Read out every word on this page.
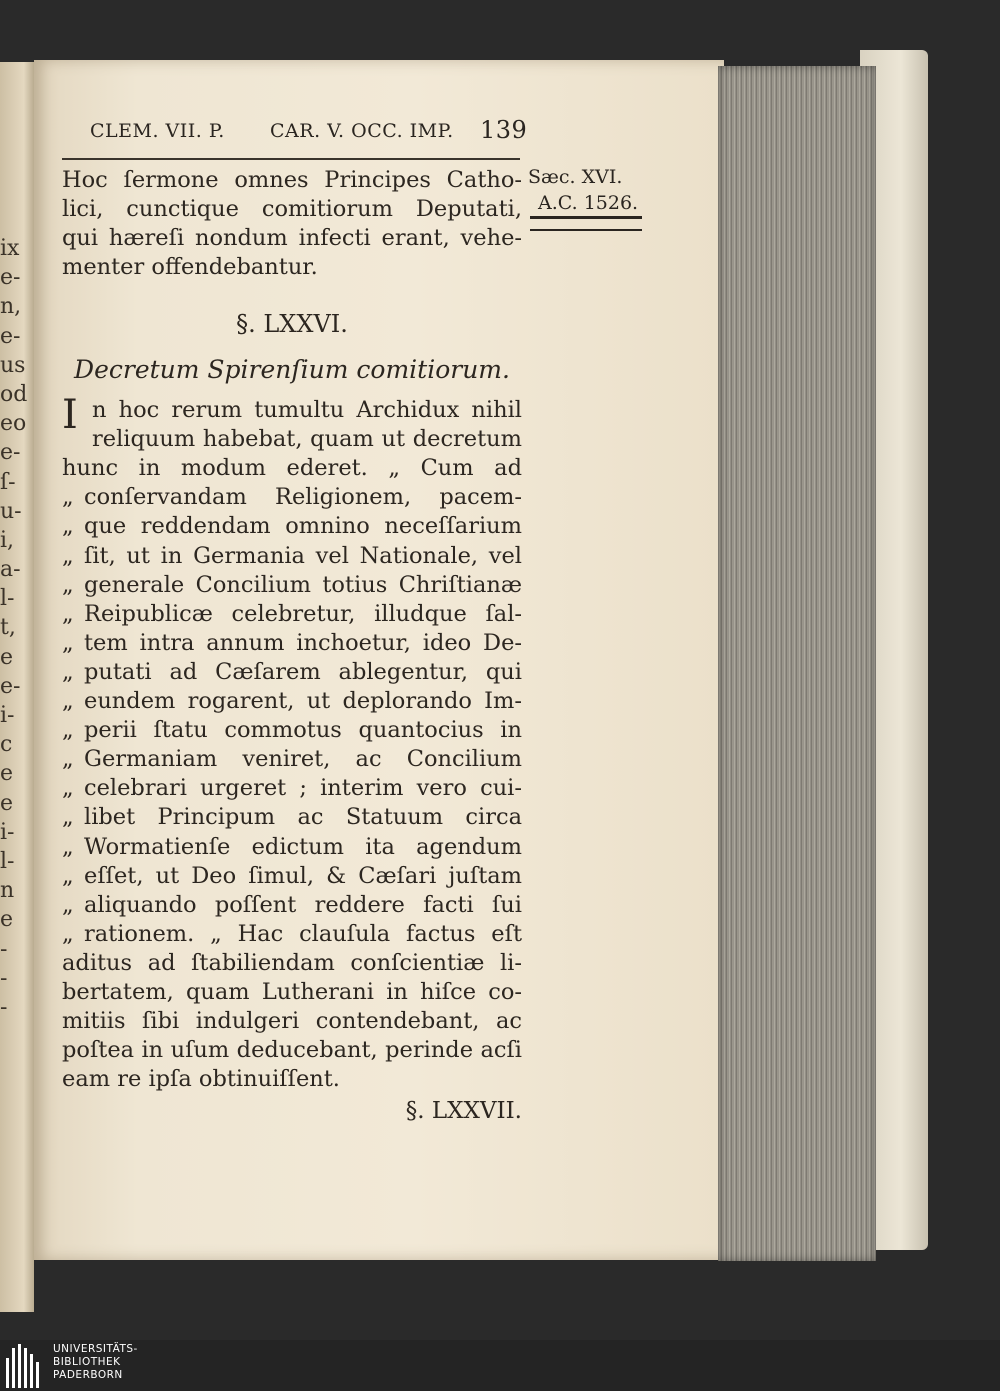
ix
e-
n,
e-
us
od
eo
e-
ſ-
u-
i,
a-
l-
t,
e
e-
i-
c
e
e
i-
l-
n
e
-
-
-
CLEM. VII. P. CAR. V. OCC. IMP. 139
Sæc. XVI.
A.C. 1526.
Hoc ſermone omnes Principes Catho-
lici, cunctique comitiorum Deputati,
qui hæreſi nondum infecti erant, vehe-
menter offendebantur.
§. LXXVI.
Decretum Spirenſium comitiorum.
I n hoc rerum tumultu Archidux nihil
reliquum habebat, quam ut decretum
hunc in modum ederet. „ Cum ad
„ conſervandam Religionem, pacem-
„ que reddendam omnino neceſſarium
„ ſit, ut in Germania vel Nationale, vel
„ generale Concilium totius Chriſtianæ
„ Reipublicæ celebretur, illudque ſal-
„ tem intra annum inchoetur, ideo De-
„ putati ad Cæſarem ablegentur, qui
„ eundem rogarent, ut deplorando Im-
„ perii ſtatu commotus quantocius in
„ Germaniam veniret, ac Concilium
„ celebrari urgeret ; interim vero cui-
„ libet Principum ac Statuum circa
„ Wormatienſe edictum ita agendum
„ eſſet, ut Deo ſimul, & Cæſari juſtam
„ aliquando poſſent reddere facti ſui
„ rationem. „ Hac clauſula factus eſt
aditus ad ſtabiliendam conſcientiæ li-
bertatem, quam Lutherani in hiſce co-
mitiis ſibi indulgeri contendebant, ac
poſtea in uſum deducebant, perinde acſi
eam re ipſa obtinuiſſent.
§. LXXVII.
UNIVERSITÄTS-
BIBLIOTHEK
PADERBORN
